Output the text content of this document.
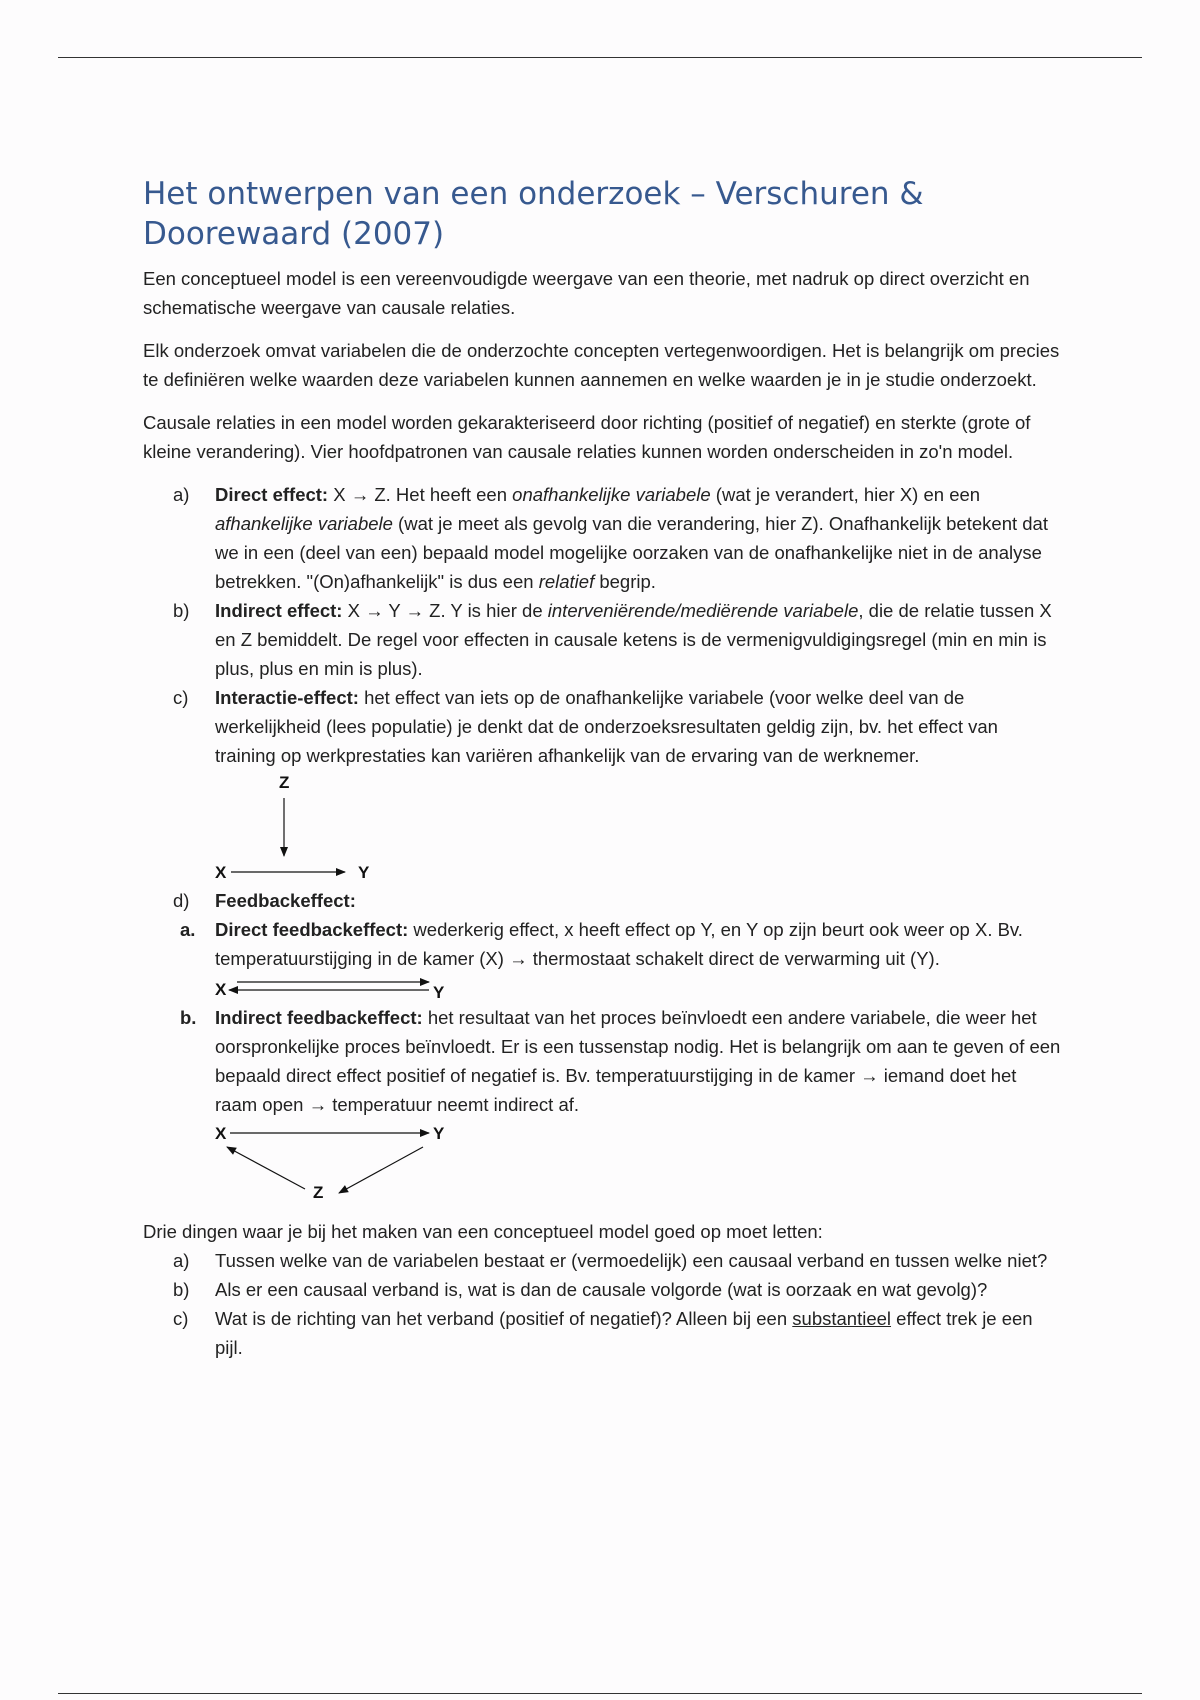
Het ontwerpen van een onderzoek – Verschuren & Doorewaard (2007)

Een conceptueel model is een vereenvoudigde weergave van een theorie, met nadruk op direct overzicht en schematische weergave van causale relaties.

Elk onderzoek omvat variabelen die de onderzochte concepten vertegenwoordigen. Het is belangrijk om precies te definiëren welke waarden deze variabelen kunnen aannemen en welke waarden je in je studie onderzoekt.

Causale relaties in een model worden gekarakteriseerd door richting (positief of negatief) en sterkte (grote of kleine verandering). Vier hoofdpatronen van causale relaties kunnen worden onderscheiden in zo'n model.

a)	Direct effect: X → Z. Het heeft een onafhankelijke variabele (wat je verandert, hier X) en een afhankelijke variabele (wat je meet als gevolg van die verandering, hier Z). Onafhankelijk betekent dat we in een (deel van een) bepaald model mogelijke oorzaken van de onafhankelijke niet in de analyse betrekken. "(On)afhankelijk" is dus een relatief begrip.
b)	Indirect effect: X → Y → Z. Y is hier de interveniërende/mediërende variabele, die de relatie tussen X en Z bemiddelt. De regel voor effecten in causale ketens is de vermenigvuldigingsregel (min en min is plus, plus en min is plus).
c)	Interactie-effect: het effect van iets op de onafhankelijke variabele (voor welke deel van de werkelijkheid (lees populatie) je denkt dat de onderzoeksresultaten geldig zijn, bv. het effect van training op werkprestaties kan variëren afhankelijk van de ervaring van de werknemer.
Z
X	Y
d)	Feedbackeffect:
a.	Direct feedbackeffect: wederkerig effect, x heeft effect op Y, en Y op zijn beurt ook weer op X. Bv. temperatuurstijging in de kamer (X) → thermostaat schakelt direct de verwarming uit (Y).
X	Y
b.	Indirect feedbackeffect: het resultaat van het proces beïnvloedt een andere variabele, die weer het oorspronkelijke proces beïnvloedt. Er is een tussenstap nodig. Het is belangrijk om aan te geven of een bepaald direct effect positief of negatief is. Bv. temperatuurstijging in de kamer → iemand doet het raam open → temperatuur neemt indirect af.
X	Y
Z

Drie dingen waar je bij het maken van een conceptueel model goed op moet letten:

a)	Tussen welke van de variabelen bestaat er (vermoedelijk) een causaal verband en tussen welke niet?
b)	Als er een causaal verband is, wat is dan de causale volgorde (wat is oorzaak en wat gevolg)?
c)	Wat is de richting van het verband (positief of negatief)? Alleen bij een substantieel effect trek je een pijl.
